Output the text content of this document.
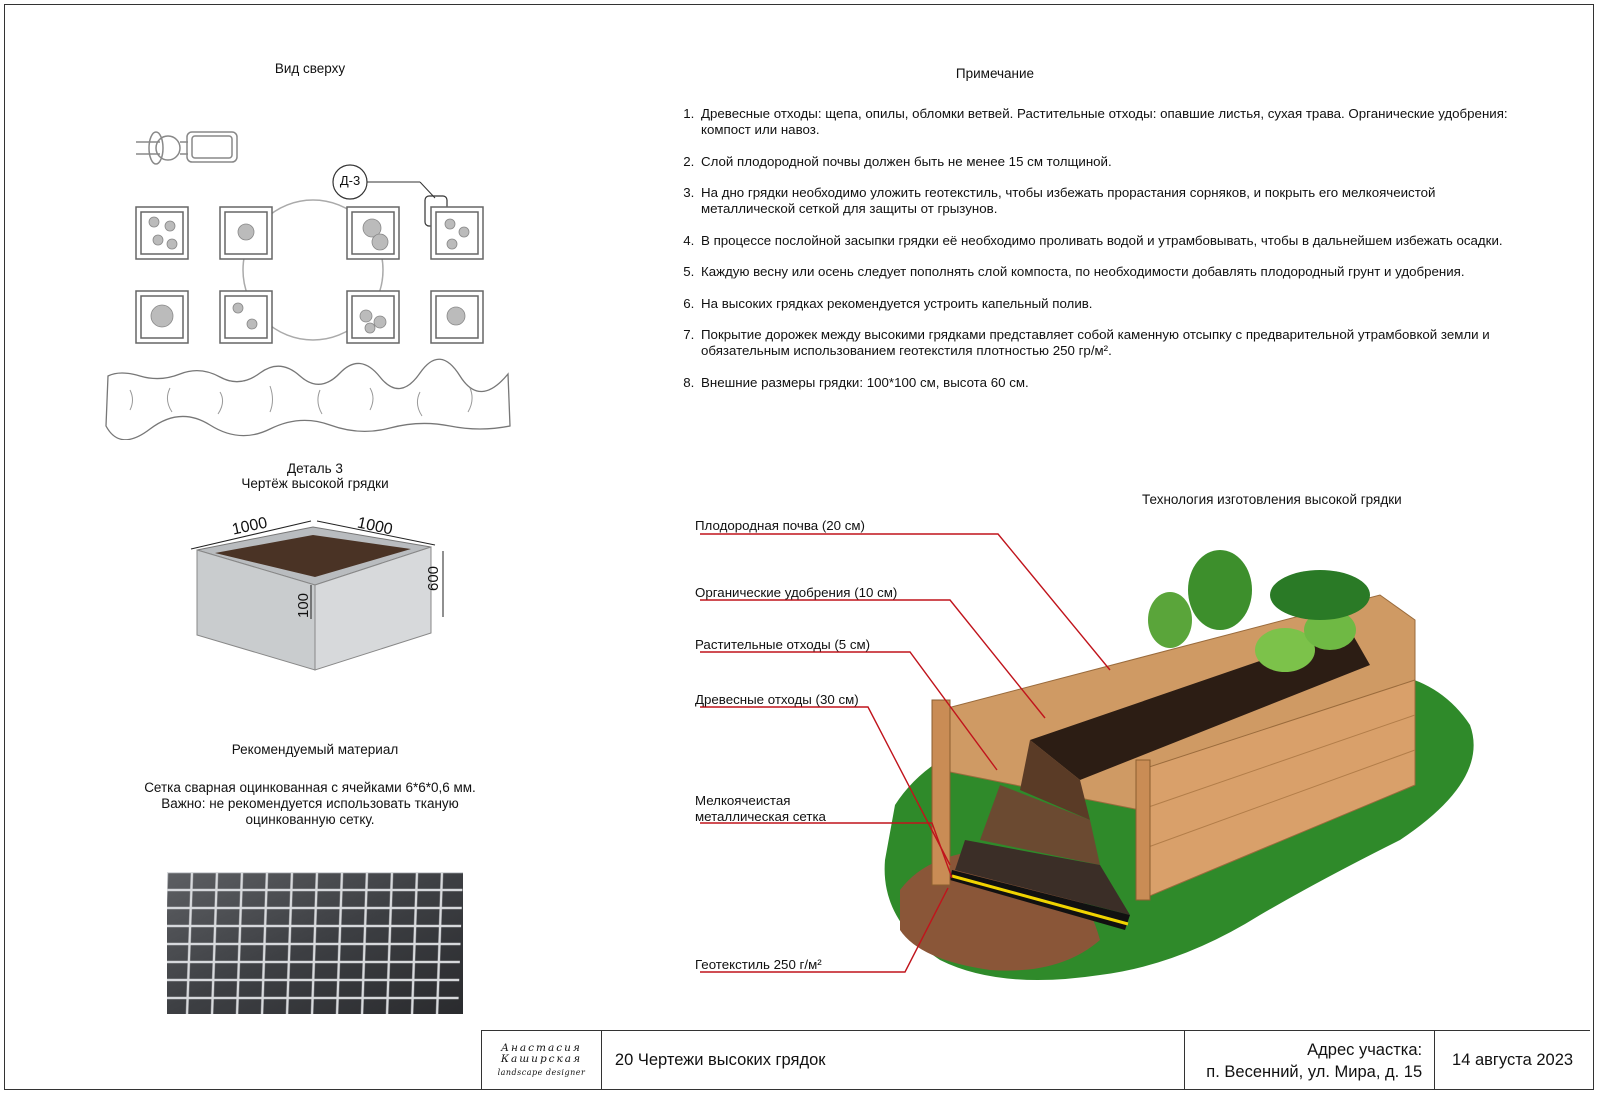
Вид сверху
Деталь 3
Чертёж высокой грядки
1000	1000
600
100
Рекомендуемый материал
Сетка сварная оцинкованная с ячейками 6*6*0,6 мм.
Важно: не рекомендуется использовать тканую
оцинкованную сетку.
Примечание
1. Древесные отходы: щепа, опилы, обломки ветвей. Растительные отходы: опавшие листья, сухая трава. Органические удобрения: компост или навоз.
2. Слой плодородной почвы должен быть не менее 15 см толщиной.
3. На дно грядки необходимо уложить геотекстиль, чтобы избежать прорастания сорняков, и покрыть его мелкоячеистой металлической сеткой для защиты от грызунов.
4. В процессе послойной засыпки грядки её необходимо проливать водой и утрамбовывать, чтобы в дальнейшем избежать осадки.
5. Каждую весну или осень следует пополнять слой компоста, по необходимости добавлять плодородный грунт и удобрения.
6. На высоких грядках рекомендуется устроить капельный полив.
7. Покрытие дорожек между высокими грядками представляет собой каменную отсыпку с предварительной утрамбовкой земли и обязательным использованием геотекстиля плотностью 250 гр/м².
8. Внешние размеры грядки: 100*100 см, высота 60 см.
Технология изготовления высокой грядки
Плодородная почва (20 см)
Органические удобрения (10 см)
Растительные отходы (5 см)
Древесные отходы (30 см)
Мелкоячеистая
металлическая сетка
Геотекстиль 250 г/м²
Анастасия
Каширская
landscape designer
20 Чертежи высоких грядок
Адрес участка:
п. Весенний, ул. Мира, д. 15
14 августа 2023
Д-3
